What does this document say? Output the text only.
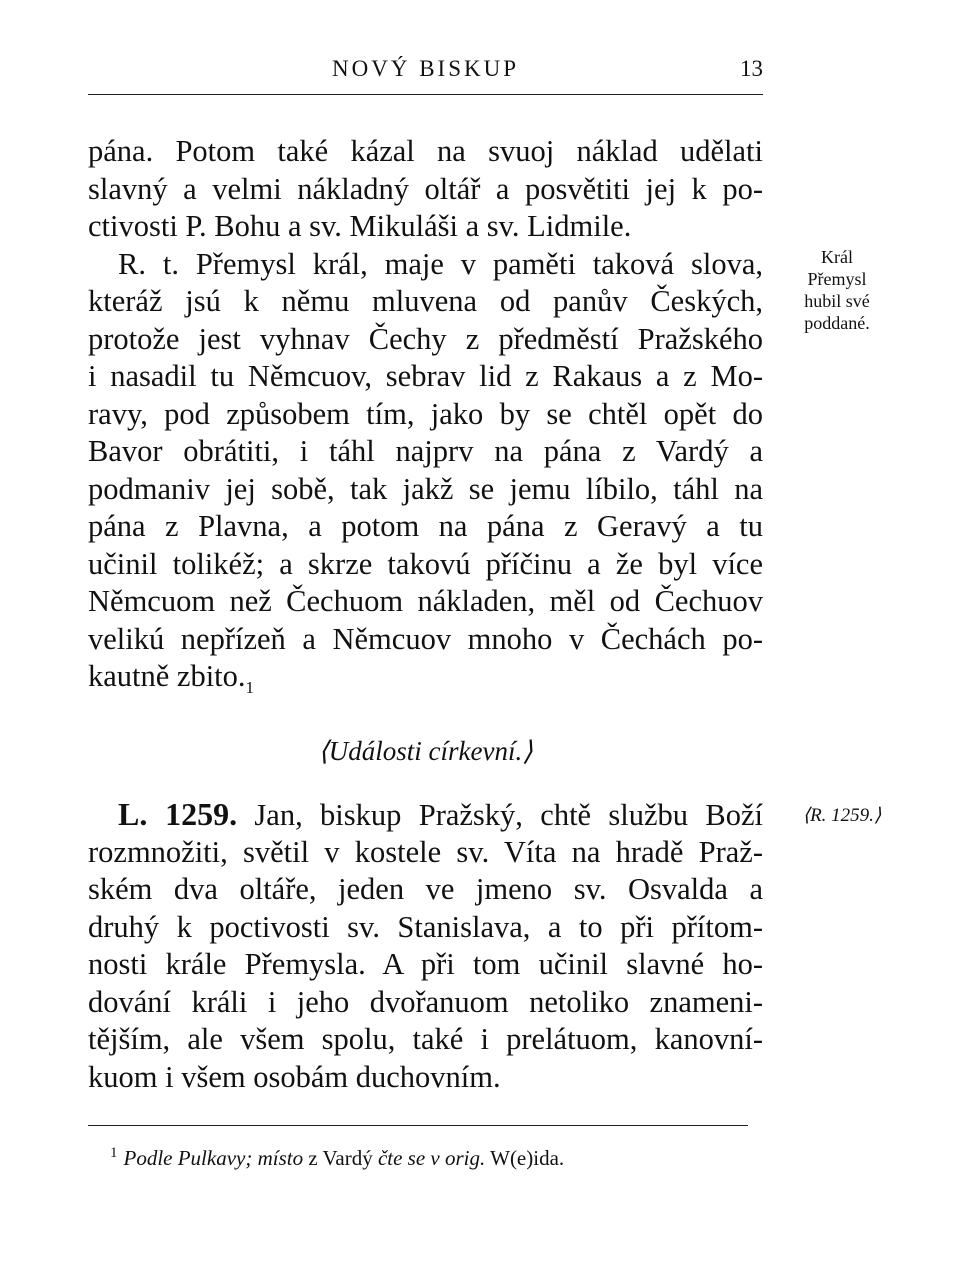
NOVÝ BISKUP	13
pána. Potom také kázal na svuoj náklad udělati
slavný a velmi nákladný oltář a posvětiti jej k po-
ctivosti P. Bohu a sv. Mikuláši a sv. Lidmile.
R. t. Přemysl král, maje v paměti taková slova,
kteráž jsú k němu mluvena od panův Českých,
protože jest vyhnav Čechy z předměstí Pražského
i nasadil tu Němcuov, sebrav lid z Rakaus a z Mo-
ravy, pod způsobem tím, jako by se chtěl opět do
Bavor obrátiti, i táhl najprv na pána z Vardý a
podmaniv jej sobě, tak jakž se jemu líbilo, táhl na
pána z Plavna, a potom na pána z Geravý a tu
učinil tolikéž; a skrze takovú příčinu a že byl více
Němcuom než Čechuom nákladen, měl od Čechuov
velikú nepřízeň a Němcuov mnoho v Čechách po-
kautně $zbito._1$
Král
Přemysl
hubil své
poddané.
⟨Události církevní.⟩
L. 1259. Jan, biskup Pražský, chtě službu Boží
rozmnožiti, světil v kostele sv. Víta na hradě Praž-
ském dva oltáře, jeden ve jmeno sv. Osvalda a
druhý k poctivosti sv. Stanislava, a to při přítom-
nosti krále Přemysla. A při tom učinil slavné ho-
dování králi i jeho dvořanuom netoliko znameni-
tějším, ale všem spolu, také i prelátuom, kanovní-
kuom i všem osobám duchovním.
⟨R. 1259.⟩
$^1$ Podle Pulkavy; místo z Vardý čte se v orig. W(e)ida.
